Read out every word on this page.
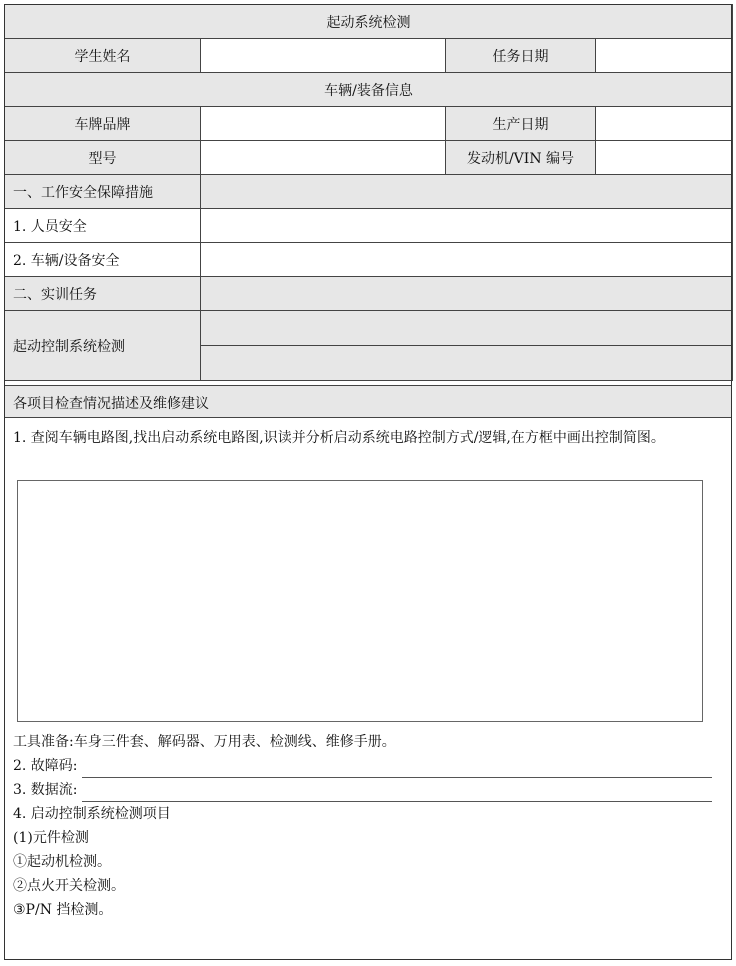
起动系统检测			
学生姓名		任务日期	
车辆/装备信息			
车牌品牌		生产日期	
型号		发动机/VIN 编号	
一、工作安全保障措施			
1. 人员安全			
2. 车辆/设备安全			
二、实训任务			
起动控制系统检测			

各项目检查情况描述及维修建议
1. 查阅车辆电路图,找出启动系统电路图,识读并分析启动系统电路控制方式/逻辑,在方框中画出控制简图。
工具准备:车身三件套、解码器、万用表、检测线、维修手册。
2. 故障码:
3. 数据流:
4. 启动控制系统检测项目
(1)元件检测
①起动机检测。
②点火开关检测。
③P/N 挡检测。
